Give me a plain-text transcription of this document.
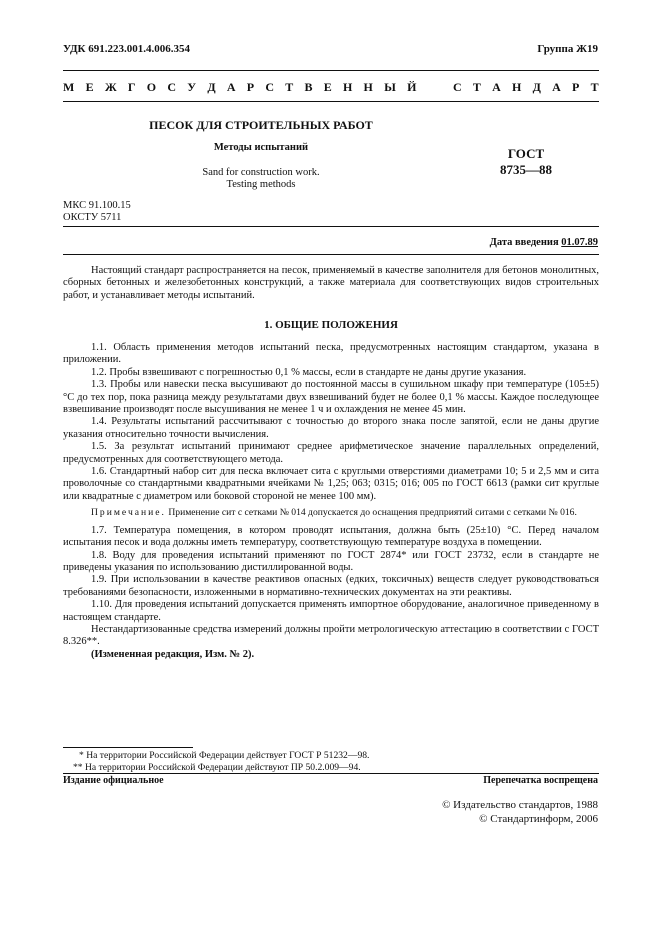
УДК 691.223.001.4.006.354	Группа Ж19
М Е Ж Г О С У Д А Р С Т В Е Н Н Ы Й
	С Т А Н Д А Р Т
ПЕСОК ДЛЯ СТРОИТЕЛЬНЫХ РАБОТ
Методы испытаний
Sand for construction work.
Testing methods
ГОСТ
8735—88
МКС 91.100.15
ОКСТУ 5711
Дата введения 01.07.89

Настоящий стандарт распространяется на песок, применяемый в качестве заполнителя для бетонов монолитных, сборных бетонных и железобетонных конструкций, а также материала для соответствующих видов строительных работ, и устанавливает методы испытаний.

1. ОБЩИЕ ПОЛОЖЕНИЯ

1.1. Область применения методов испытаний песка, предусмотренных настоящим стандартом, указана в приложении.

1.2. Пробы взвешивают с погрешностью 0,1 % массы, если в стандарте не даны другие указания.

1.3. Пробы или навески песка высушивают до постоянной массы в сушильном шкафу при температуре (105±5) °С до тех пор, пока разница между результатами двух взвешиваний будет не более 0,1 % массы. Каждое последующее взвешивание производят после высушивания не менее 1 ч и охлаждения не менее 45 мин.

1.4. Результаты испытаний рассчитывают с точностью до второго знака после запятой, если не даны другие указания относительно точности вычисления.

1.5. За результат испытаний принимают среднее арифметическое значение параллельных определений, предусмотренных для соответствующего метода.

1.6. Стандартный набор сит для песка включает сита с круглыми отверстиями диаметрами 10; 5 и 2,5 мм и сита проволочные со стандартными квадратными ячейками № 1,25; 063; 0315; 016; 005 по ГОСТ 6613 (рамки сит круглые или квадратные с диаметром или боковой стороной не менее 100 мм).

Примечание. Применение сит с сетками № 014 допускается до оснащения предприятий ситами с сетками № 016.

1.7. Температура помещения, в котором проводят испытания, должна быть (25±10) °С. Перед началом испытания песок и вода должны иметь температуру, соответствующую температуре воздуха в помещении.

1.8. Воду для проведения испытаний применяют по ГОСТ 2874* или ГОСТ 23732, если в стандарте не приведены указания по использованию дистиллированной воды.

1.9. При использовании в качестве реактивов опасных (едких, токсичных) веществ следует руководствоваться требованиями безопасности, изложенными в нормативно-технических документах на эти реактивы.

1.10. Для проведения испытаний допускается применять импортное оборудование, аналогичное приведенному в настоящем стандарте.

Нестандартизованные средства измерений должны пройти метрологическую аттестацию в соответствии с ГОСТ 8.326**.

(Измененная редакция, Изм. № 2).

* На территории Российской Федерации действует ГОСТ Р 51232—98.
** На территории Российской Федерации действуют ПР 50.2.009—94.
Издание официальное	Перепечатка воспрещена
© Издательство стандартов, 1988
© Стандартинформ, 2006
